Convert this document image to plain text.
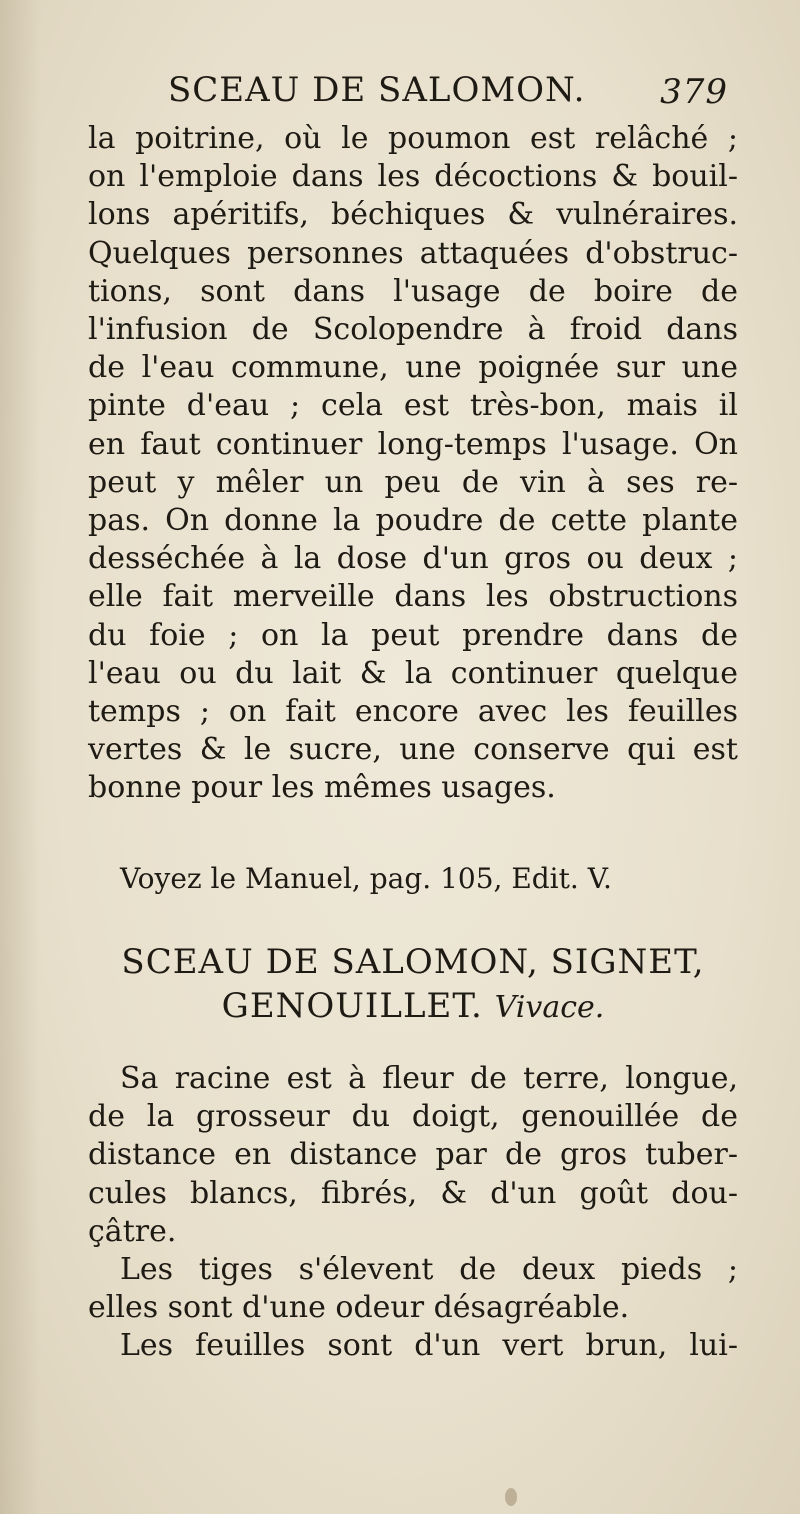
SCEAU DE SALOMON. 379
la poitrine, où le poumon est relâché ;
on l'emploie dans les décoctions & bouil-
lons apéritifs, béchiques & vulnéraires.
Quelques personnes attaquées d'obstruc-
tions, sont dans l'usage de boire de
l'infusion de Scolopendre à froid dans
de l'eau commune, une poignée sur une
pinte d'eau ; cela est très-bon, mais il
en faut continuer long-temps l'usage. On
peut y mêler un peu de vin à ses re-
pas. On donne la poudre de cette plante
desséchée à la dose d'un gros ou deux ;
elle fait merveille dans les obstructions
du foie ; on la peut prendre dans de
l'eau ou du lait & la continuer quelque
temps ; on fait encore avec les feuilles
vertes & le sucre, une conserve qui est
bonne pour les mêmes usages.
Voyez le Manuel, pag. 105, Edit. V.
SCEAU DE SALOMON, SIGNET,
GENOUILLET. Vivace.
Sa racine est à fleur de terre, longue,
de la grosseur du doigt, genouillée de
distance en distance par de gros tuber-
cules blancs, fibrés, & d'un goût dou-
çâtre.
Les tiges s'élevent de deux pieds ;
elles sont d'une odeur désagréable.
Les feuilles sont d'un vert brun, lui-
